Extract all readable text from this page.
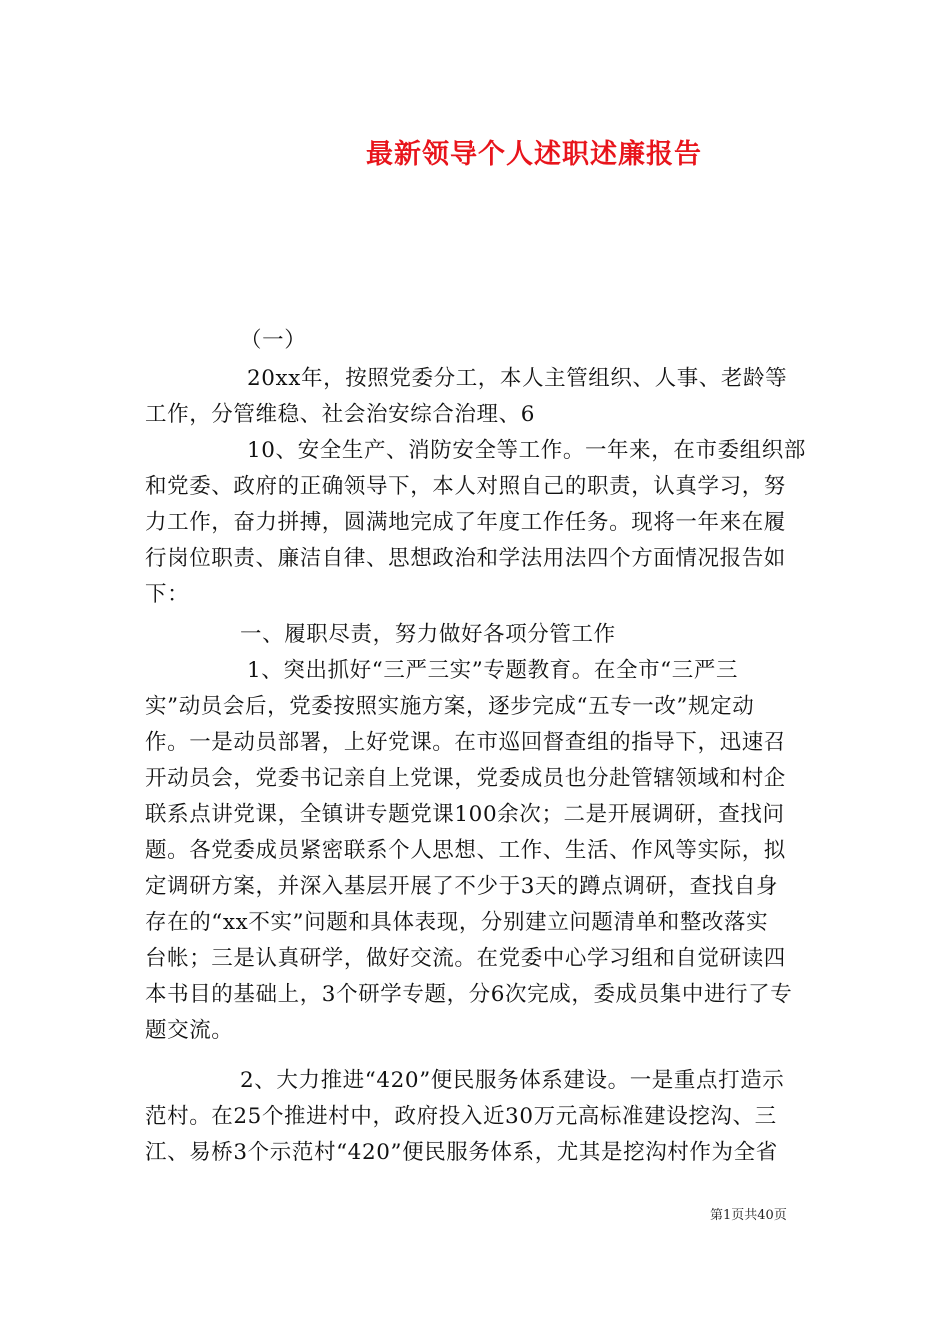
最新领导个人述职述廉报告
（一）
20xx年，按照党委分工，本人主管组织、人事、老龄等
工作，分管维稳、社会治安综合治理、6
10、安全生产、消防安全等工作。一年来，在市委组织部
和党委、政府的正确领导下，本人对照自己的职责，认真学习，努
力工作，奋力拼搏，圆满地完成了年度工作任务。现将一年来在履
行岗位职责、廉洁自律、思想政治和学法用法四个方面情况报告如
下：
一、履职尽责，努力做好各项分管工作
1、突出抓好“三严三实”专题教育。在全市“三严三
实”动员会后，党委按照实施方案，逐步完成“五专一改”规定动
作。一是动员部署，上好党课。在市巡回督查组的指导下，迅速召
开动员会，党委书记亲自上党课，党委成员也分赴管辖领域和村企
联系点讲党课，全镇讲专题党课100余次；二是开展调研，查找问
题。各党委成员紧密联系个人思想、工作、生活、作风等实际，拟
定调研方案，并深入基层开展了不少于3天的蹲点调研，查找自身
存在的“xx不实”问题和具体表现，分别建立问题清单和整改落实
台帐；三是认真研学，做好交流。在党委中心学习组和自觉研读四
本书目的基础上，3个研学专题，分6次完成，委成员集中进行了专
题交流。
2、大力推进“420”便民服务体系建设。一是重点打造示
范村。在25个推进村中，政府投入近30万元高标准建设挖沟、三
江、易桥3个示范村“420”便民服务体系，尤其是挖沟村作为全省
第1页共40页
